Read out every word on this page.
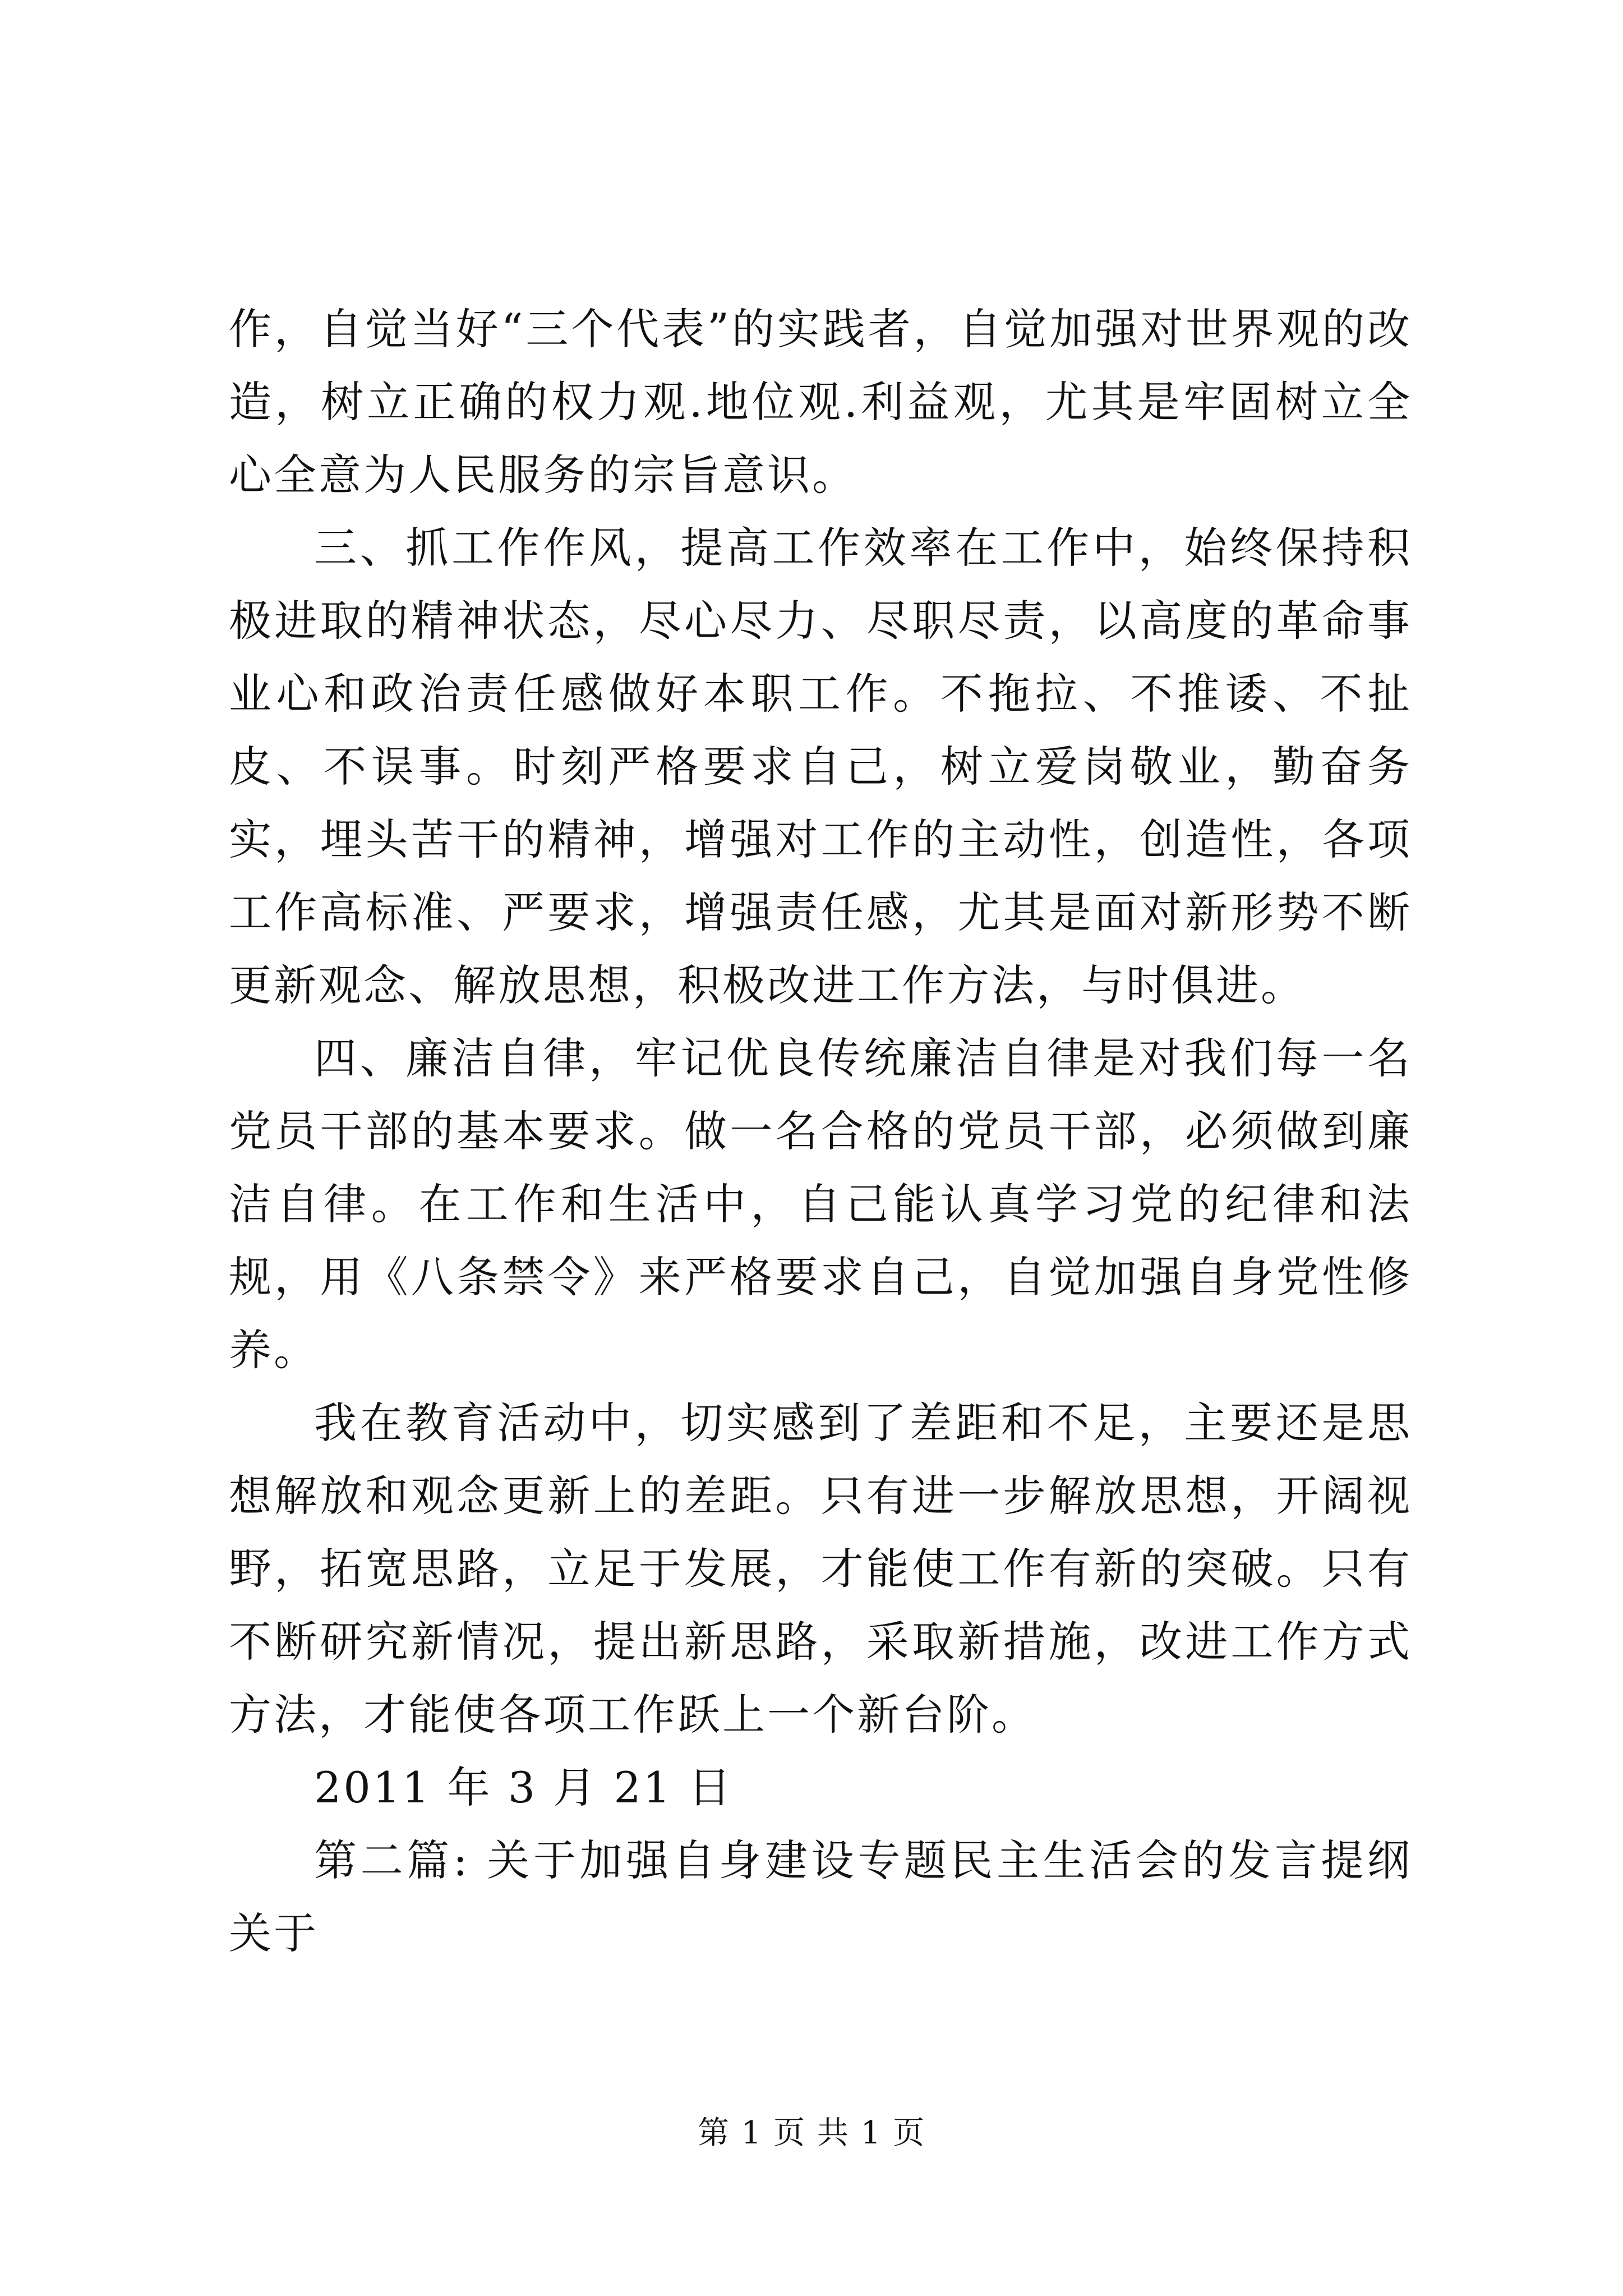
作，自觉当好“三个代表”的实践者，自觉加强对世界观的改造，树立正确的权力观.地位观.利益观，尤其是牢固树立全心全意为人民服务的宗旨意识。

三、抓工作作风，提高工作效率在工作中，始终保持积极进取的精神状态，尽心尽力、尽职尽责，以高度的革命事业心和政治责任感做好本职工作。不拖拉、不推诿、不扯皮、不误事。时刻严格要求自己，树立爱岗敬业，勤奋务实，埋头苦干的精神，增强对工作的主动性，创造性，各项工作高标准、严要求，增强责任感，尤其是面对新形势不断更新观念、解放思想，积极改进工作方法，与时俱进。

四、廉洁自律，牢记优良传统廉洁自律是对我们每一名党员干部的基本要求。做一名合格的党员干部，必须做到廉洁自律。在工作和生活中，自己能认真学习党的纪律和法规，用《八条禁令》来严格要求自己，自觉加强自身党性修养。

我在教育活动中，切实感到了差距和不足，主要还是思想解放和观念更新上的差距。只有进一步解放思想，开阔视野，拓宽思路，立足于发展，才能使工作有新的突破。只有不断研究新情况，提出新思路，采取新措施，改进工作方式方法，才能使各项工作跃上一个新台阶。

2011 年 3 月 21 日

第二篇: 关于加强自身建设专题民主生活会的发言提纲关于

第 1 页 共 1 页
